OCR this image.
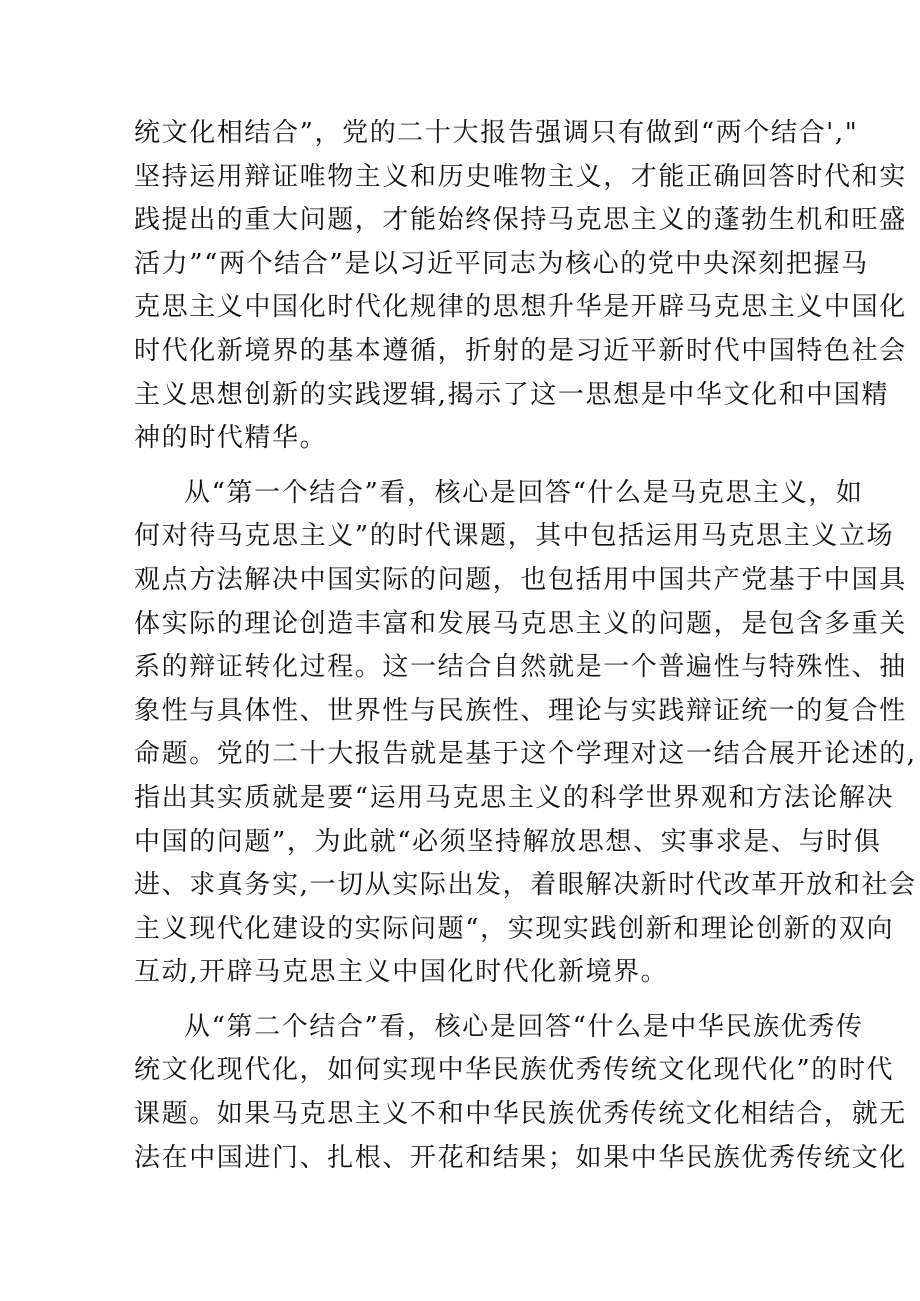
统文化相结合”，党的二十大报告强调只有做到“两个结合',"
坚持运用辩证唯物主义和历史唯物主义，才能正确回答时代和实
践提出的重大问题，才能始终保持马克思主义的蓬勃生机和旺盛
活力”“两个结合”是以习近平同志为核心的党中央深刻把握马
克思主义中国化时代化规律的思想升华是开辟马克思主义中国化
时代化新境界的基本遵循，折射的是习近平新时代中国特色社会
主义思想创新的实践逻辑,揭示了这一思想是中华文化和中国精
神的时代精华。
从“第一个结合”看，核心是回答“什么是马克思主义，如
何对待马克思主义”的时代课题，其中包括运用马克思主义立场
观点方法解决中国实际的问题，也包括用中国共产党基于中国具
体实际的理论创造丰富和发展马克思主义的问题，是包含多重关
系的辩证转化过程。这一结合自然就是一个普遍性与特殊性、抽
象性与具体性、世界性与民族性、理论与实践辩证统一的复合性
命题。党的二十大报告就是基于这个学理对这一结合展开论述的,
指出其实质就是要“运用马克思主义的科学世界观和方法论解决
中国的问题”，为此就“必须坚持解放思想、实事求是、与时俱
进、求真务实,一切从实际出发，着眼解决新时代改革开放和社会
主义现代化建设的实际问题“，实现实践创新和理论创新的双向
互动,开辟马克思主义中国化时代化新境界。
从“第二个结合”看，核心是回答“什么是中华民族优秀传
统文化现代化，如何实现中华民族优秀传统文化现代化”的时代
课题。如果马克思主义不和中华民族优秀传统文化相结合，就无
法在中国进门、扎根、开花和结果；如果中华民族优秀传统文化
